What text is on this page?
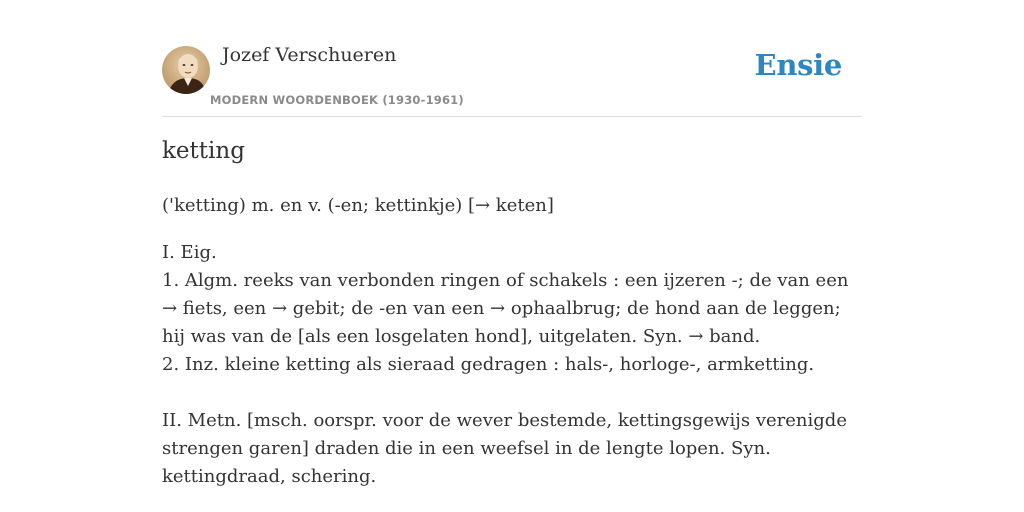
Jozef Verschueren
MODERN WOORDENBOEK (1930-1961)
Ensie
ketting
('ketting) m. en v. (-en; kettinkje) [→ keten]

I. Eig.

1. Algm. reeks van verbonden ringen of schakels : een ijzeren -; de van een → fiets, een → gebit; de -en van een → ophaalbrug; de hond aan de leggen; hij was van de [als een losgelaten hond], uitgelaten. Syn. → band.

2. Inz. kleine ketting als sieraad gedragen : hals-, horloge-, armketting.

II. Metn. [msch. oorspr. voor de wever bestemde, kettingsgewijs verenigde strengen garen] draden die in een weefsel in de lengte lopen. Syn. kettingdraad, schering.
